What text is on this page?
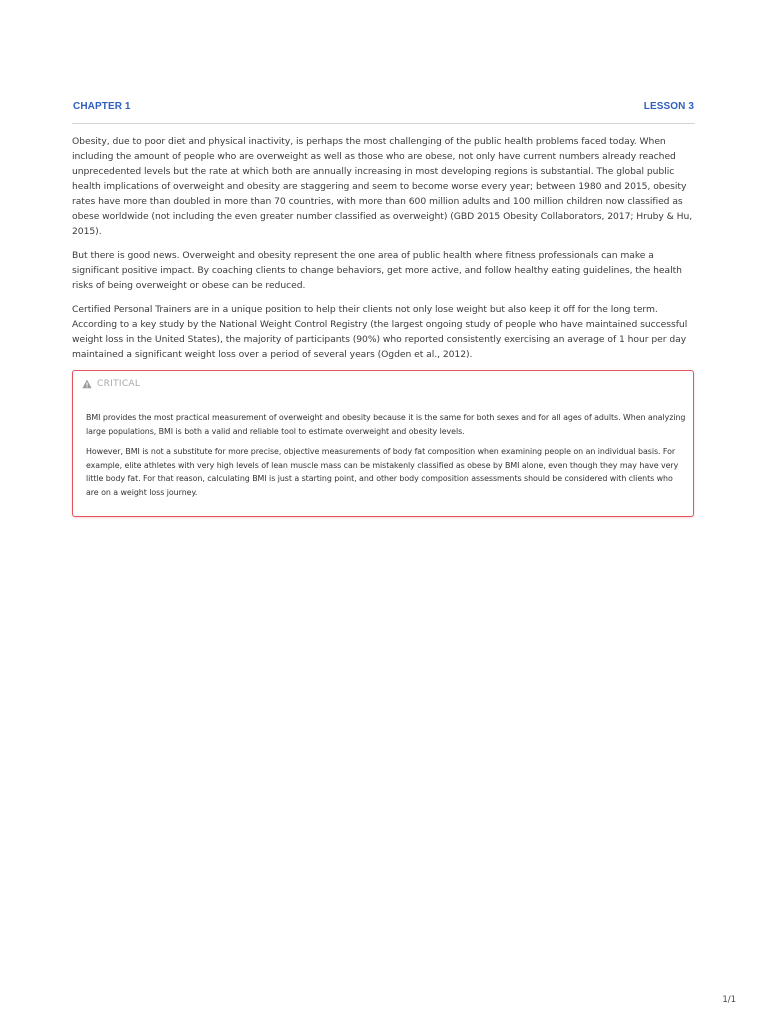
CHAPTER 1	LESSON 3

Obesity, due to poor diet and physical inactivity, is perhaps the most challenging of the public health problems faced today. When including the amount of people who are overweight as well as those who are obese, not only have current numbers already reached unprecedented levels but the rate at which both are annually increasing in most developing regions is substantial. The global public health implications of overweight and obesity are staggering and seem to become worse every year; between 1980 and 2015, obesity rates have more than doubled in more than 70 countries, with more than 600 million adults and 100 million children now classified as obese worldwide (not including the even greater number classified as overweight) (GBD 2015 Obesity Collaborators, 2017; Hruby & Hu, 2015).

But there is good news. Overweight and obesity represent the one area of public health where fitness professionals can make a significant positive impact. By coaching clients to change behaviors, get more active, and follow healthy eating guidelines, the health risks of being overweight or obese can be reduced.

Certified Personal Trainers are in a unique position to help their clients not only lose weight but also keep it off for the long term. According to a key study by the National Weight Control Registry (the largest ongoing study of people who have maintained successful weight loss in the United States), the majority of participants (90%) who reported consistently exercising an average of 1 hour per day maintained a significant weight loss over a period of several years (Ogden et al., 2012).

CRITICAL

BMI provides the most practical measurement of overweight and obesity because it is the same for both sexes and for all ages of adults. When analyzing large populations, BMI is both a valid and reliable tool to estimate overweight and obesity levels.

However, BMI is not a substitute for more precise, objective measurements of body fat composition when examining people on an individual basis. For example, elite athletes with very high levels of lean muscle mass can be mistakenly classified as obese by BMI alone, even though they may have very little body fat. For that reason, calculating BMI is just a starting point, and other body composition assessments should be considered with clients who are on a weight loss journey.

1/1
